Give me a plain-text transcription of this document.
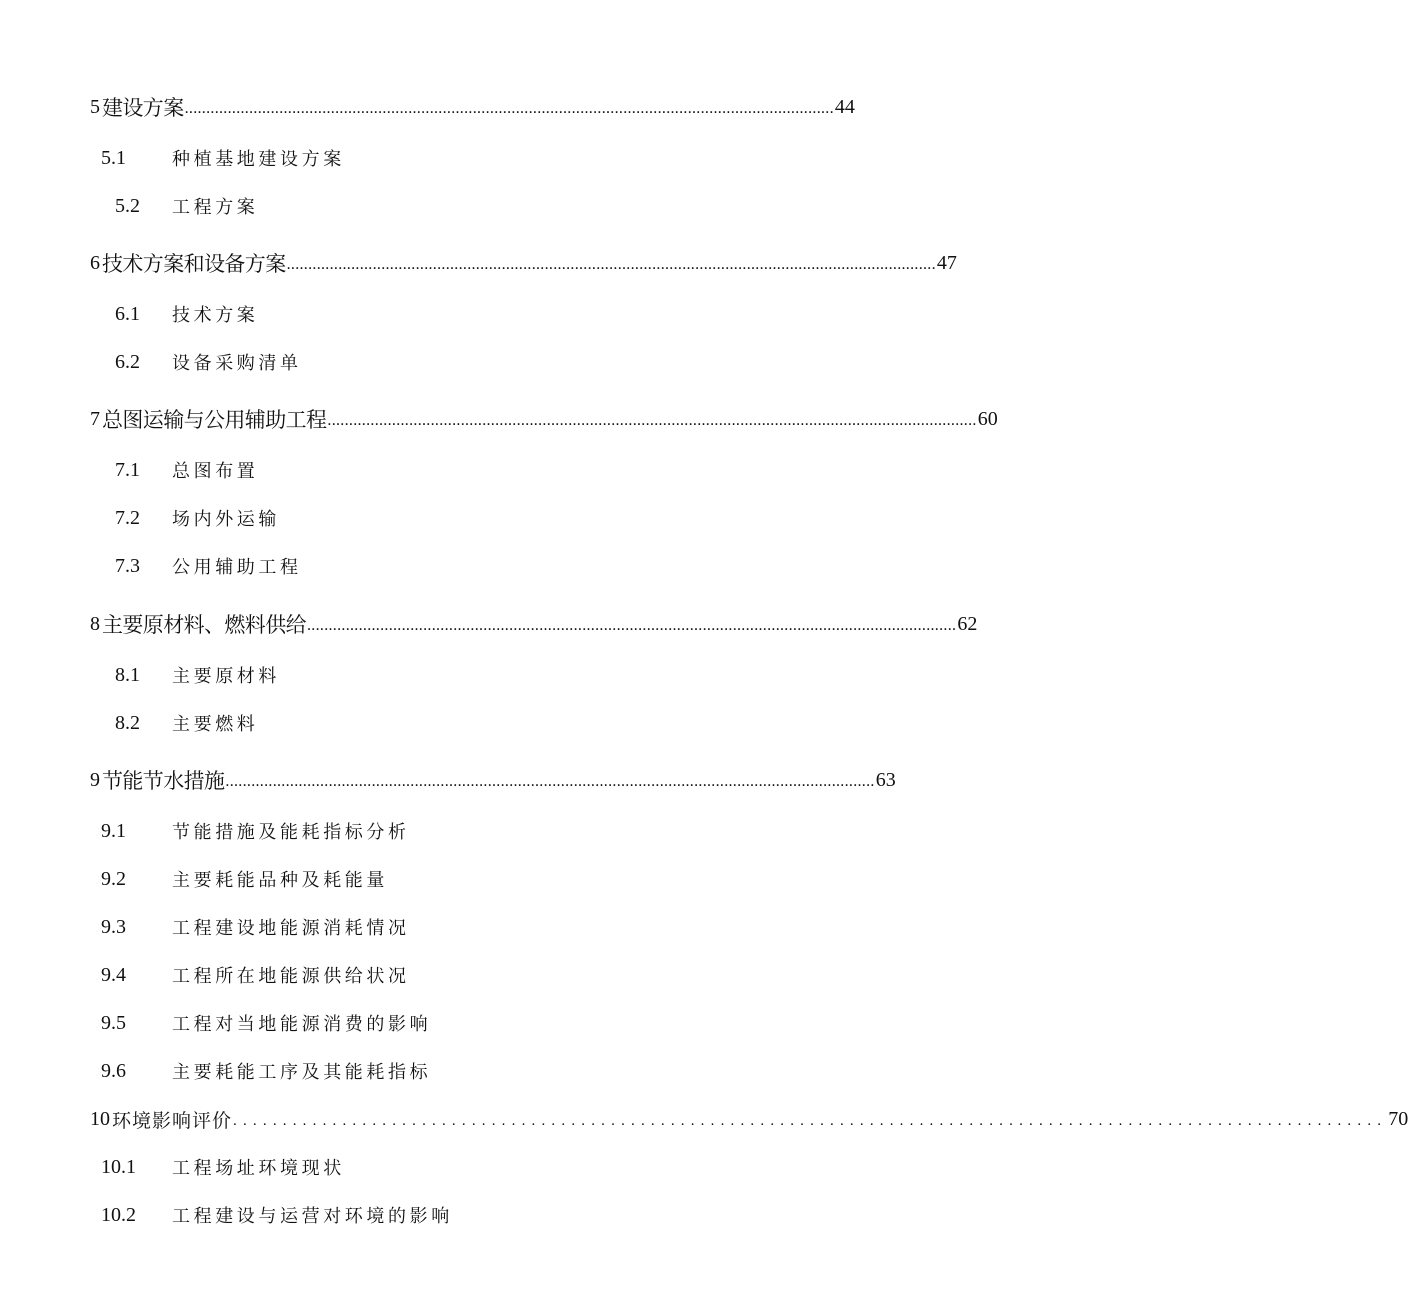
5 建设方案 ....................................................................................................................................................... 44
5.1	种植基地建设方案
5.2 工程方案
6 技术方案和设备方案 ....................................................................................................................................................... 47
6.1 技术方案
6.2 设备采购清单
7 总图运输与公用辅助工程 ....................................................................................................................................................... 60
7.1 总图布置
7.2 场内外运输
7.3 公用辅助工程
8 主要原材料、燃料供给 ....................................................................................................................................................... 62
8.1 主要原材料
8.2 主要燃料
9 节能节水措施 ....................................................................................................................................................... 63
9.1	节能措施及能耗指标分析
9.2	主要耗能品种及耗能量
9.3	工程建设地能源消耗情况
9.4	工程所在地能源供给状况
9.5	工程对当地能源消费的影响
9.6	主要耗能工序及其能耗指标
10 环境影响评价 .................................................................................................................... 70
10.1 工程场址环境现状
10.2 工程建设与运营对环境的影响
